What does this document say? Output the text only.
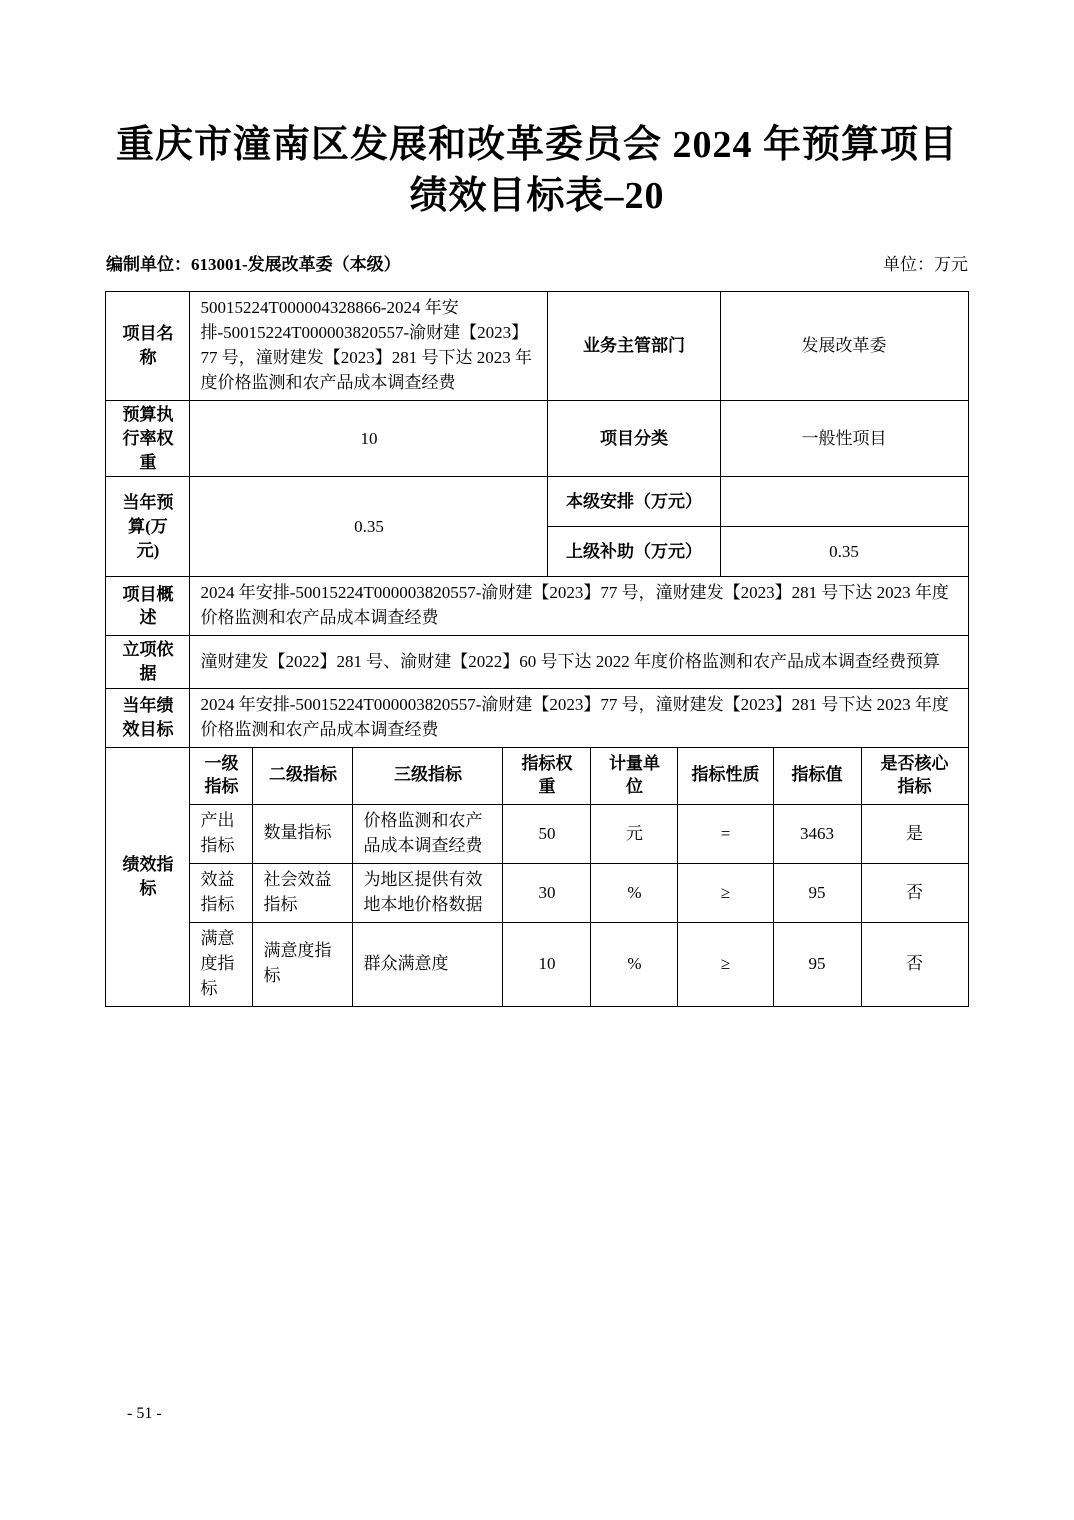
重庆市潼南区发展和改革委员会 2024 年预算项目
绩效目标表–20
编制单位：613001-发展改革委（本级）	单位：万元
项目名称	50015224T000004328866-2024 年安排-50015224T000003820557-渝财建【2023】77 号，潼财建发【2023】281 号下达 2023 年度价格监测和农产品成本调查经费				业务主管部门			发展改革委		
预算执行率权重	10				项目分类			一般性项目		
当年预算(万元)	0.35				本级安排（万元）					
					上级补助（万元）			0.35		
项目概述	2024 年安排-50015224T000003820557-渝财建【2023】77 号，潼财建发【2023】281 号下达 2023 年度价格监测和农产品成本调查经费									
立项依据	潼财建发【2022】281 号、渝财建【2022】60 号下达 2022 年度价格监测和农产品成本调查经费预算									
当年绩效目标	2024 年安排-50015224T000003820557-渝财建【2023】77 号，潼财建发【2023】281 号下达 2023 年度价格监测和农产品成本调查经费									
绩效指标	一级指标	二级指标	三级指标	指标权重		计量单位	指标性质		指标值	是否核心指标
	产出指标	数量指标	价格监测和农产品成本调查经费	50		元	=		3463	是
	效益指标	社会效益指标	为地区提供有效地本地价格数据	30		%	≥		95	否
	满意度指标	满意度指标	群众满意度	10		%	≥		95	否
- 51 -
